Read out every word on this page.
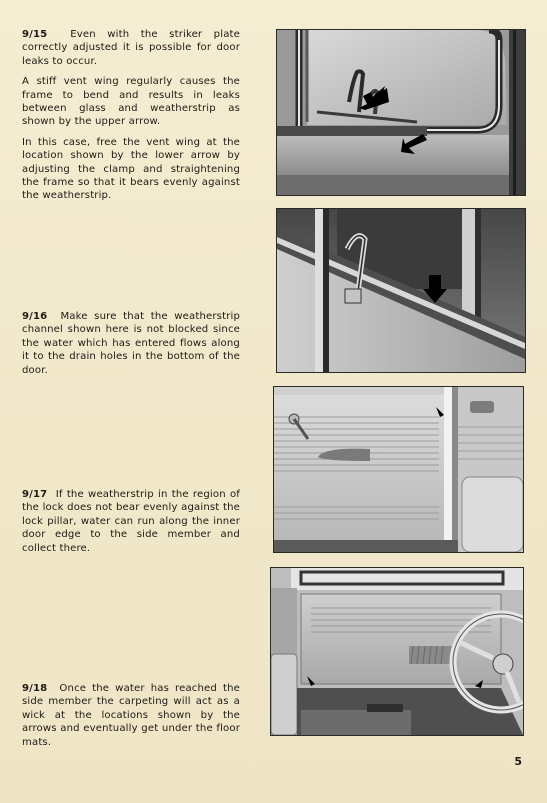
9/15 Even with the striker plate correctly adjusted it is possible for door leaks to occur.

A stiff vent wing regularly causes the frame to bend and results in leaks between glass and weatherstrip as shown by the upper arrow.

In this case, free the vent wing at the location shown by the lower arrow by adjusting the clamp and straightening the frame so that it bears evenly against the weatherstrip.

9/16 Make sure that the weatherstrip channel shown here is not blocked since the water which has entered flows along it to the drain holes in the bottom of the door.

9/17 If the weatherstrip in the region of the lock does not bear evenly against the lock pillar, water can run along the inner door edge to the side member and collect there.

9/18 Once the water has reached the side member the carpeting will act as a wick at the locations shown by the arrows and eventually get under the floor mats.

5
